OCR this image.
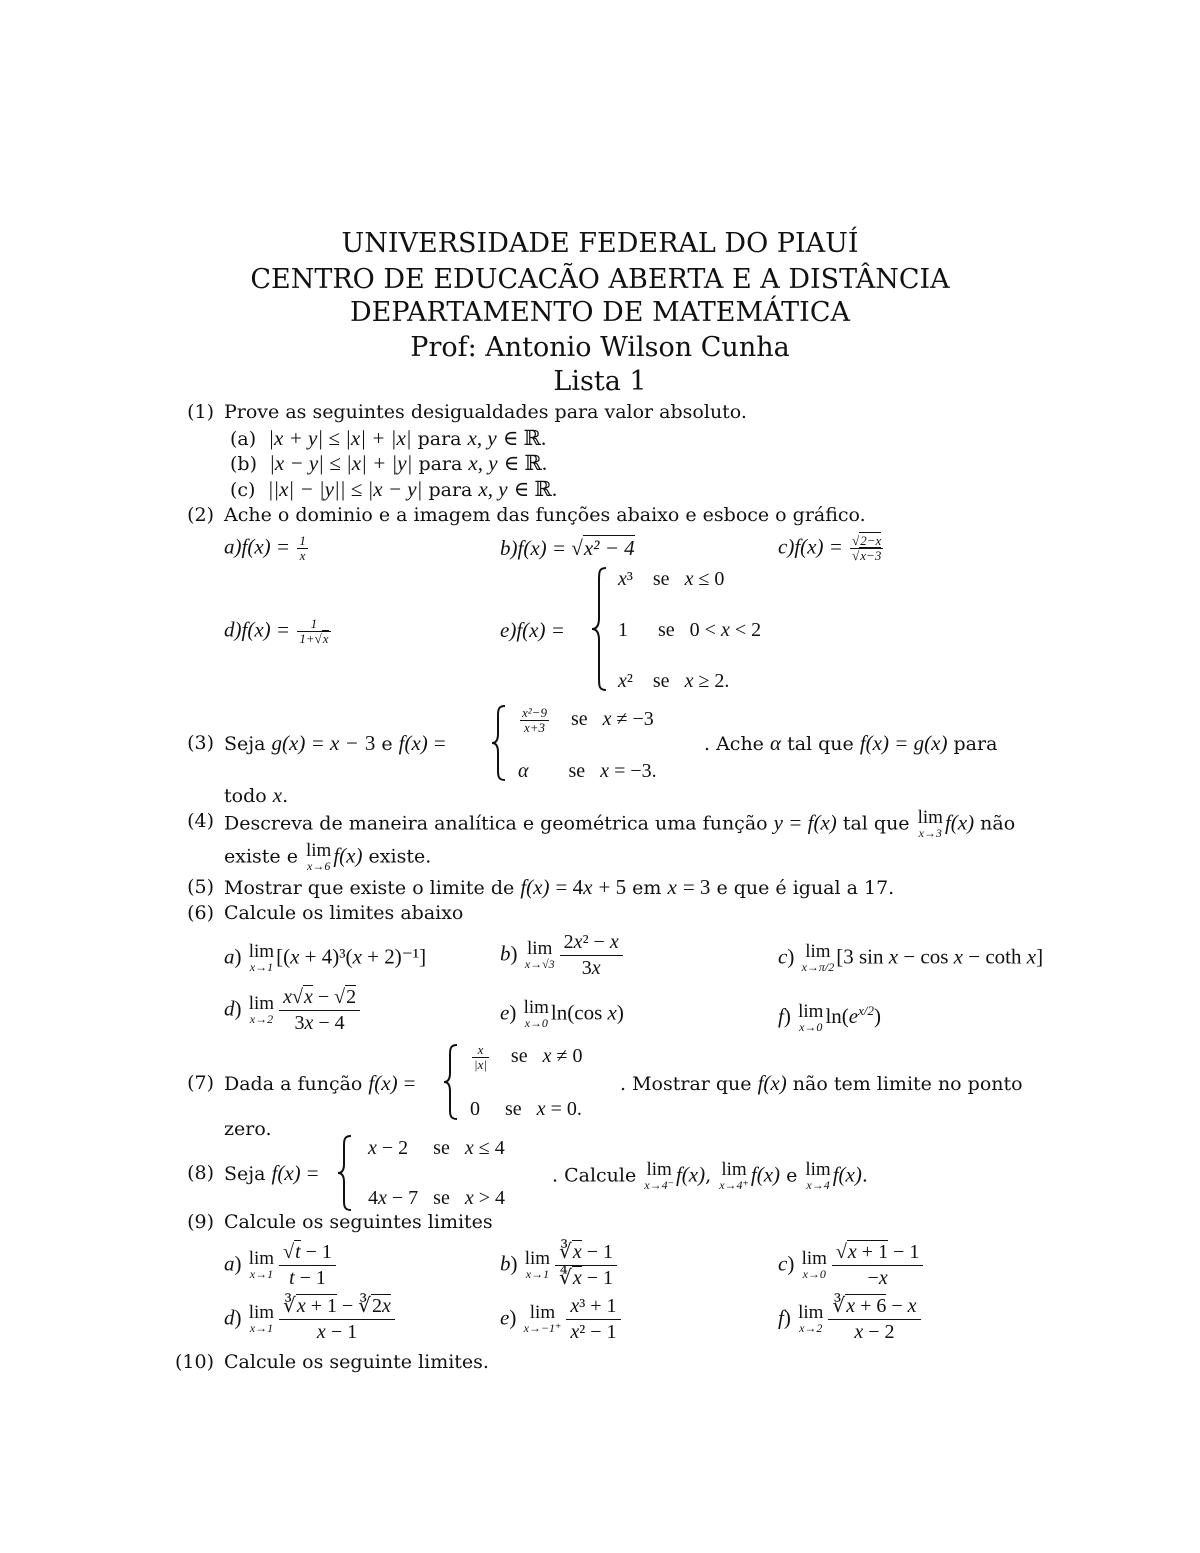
UNIVERSIDADE FEDERAL DO PIAUÍ
CENTRO DE EDUCACÃO ABERTA E A DISTÂNCIA
DEPARTAMENTO DE MATEMÁTICA
Prof: Antonio Wilson Cunha
Lista 1
(1) Prove as seguintes desigualdades para valor absoluto.
(a) |x + y| ≤ |x| + |x| para x, y ∈ ℝ.
(b) |x − y| ≤ |x| + |y| para x, y ∈ ℝ.
(c) ||x| − |y|| ≤ |x − y| para x, y ∈ ℝ.
(2) Ache o dominio e a imagem das funções abaixo e esboce o gráfico.
$a)f(x) = \frac{1}{x}$	b)f(x) = √x² − 4	$c)f(x) = \frac{√2-x}{√x-3}$
$d)f(x) = \frac{1}{1+√x}$	e)f(x) =
x³    se x ≤ 0
1      se   0 < x < 2
x²    se x ≥ 2.
(3) Seja g(x) = x − 3 e f(x) =
$\frac{\text{x²−9}}{x+3}$ se x ≠ −3
α se x = −3.
. Ache α tal que f(x) = g(x) para
todo x.
(4) Descreva de maneira analítica e geométrica uma função y = f(x) tal que lim
x→3 f(x) não
existe e lim
x→6 f(x) existe.
(5) Mostrar que existe o limite de f(x) = 4x + 5 em x = 3 e que é igual a 17.
(6) Calcule os limites abaixo
a) lim
x→1 [(x + 4)³(x + 2)⁻¹]	b) lim
$x\to√3 \frac{\text{2x² − x}}{3x}$	c) lim
x→π/2 [3 sin x − cos x − coth x]
d) lim
$x\to 2 \frac{x√x - √2}{3x - 4}$	e) lim
x→0 ln(cos x)	f) lim
x→0 $\ln(e^{x/2})$
(7) Dada a função f(x) =
$\frac{x}{|x|}$ se x ≠ 0
0     se x = 0.
. Mostrar que f(x) não tem limite no ponto
zero.
(8) Seja f(x) =
x − 2     se x ≤ 4
4x − 7   se x > 4
. Calcule lim
x→4⁻ f(x), lim
x→4⁺ f(x) e lim
x→4 f(x).
(9) Calcule os seguintes limites
a) lim
$x\to 1 \frac{√t - 1}{t - 1}$	b) lim
$x\to 1 \frac{∛x - 1}{∜x - 1}$	c) lim
$x\to 0 \frac{√x + 1 - 1}{-x}$
d) lim
$x\to 1 \frac{∛x + 1 - ∛2x}{x - 1}$	e) lim
$x\to-1^+ \frac{\text{x³ + 1}}{\text{x² − 1}}$	f) lim
$x\to 2 \frac{∛x + 6 - x}{x - 2}$
(10) Calcule os seguinte limites.
